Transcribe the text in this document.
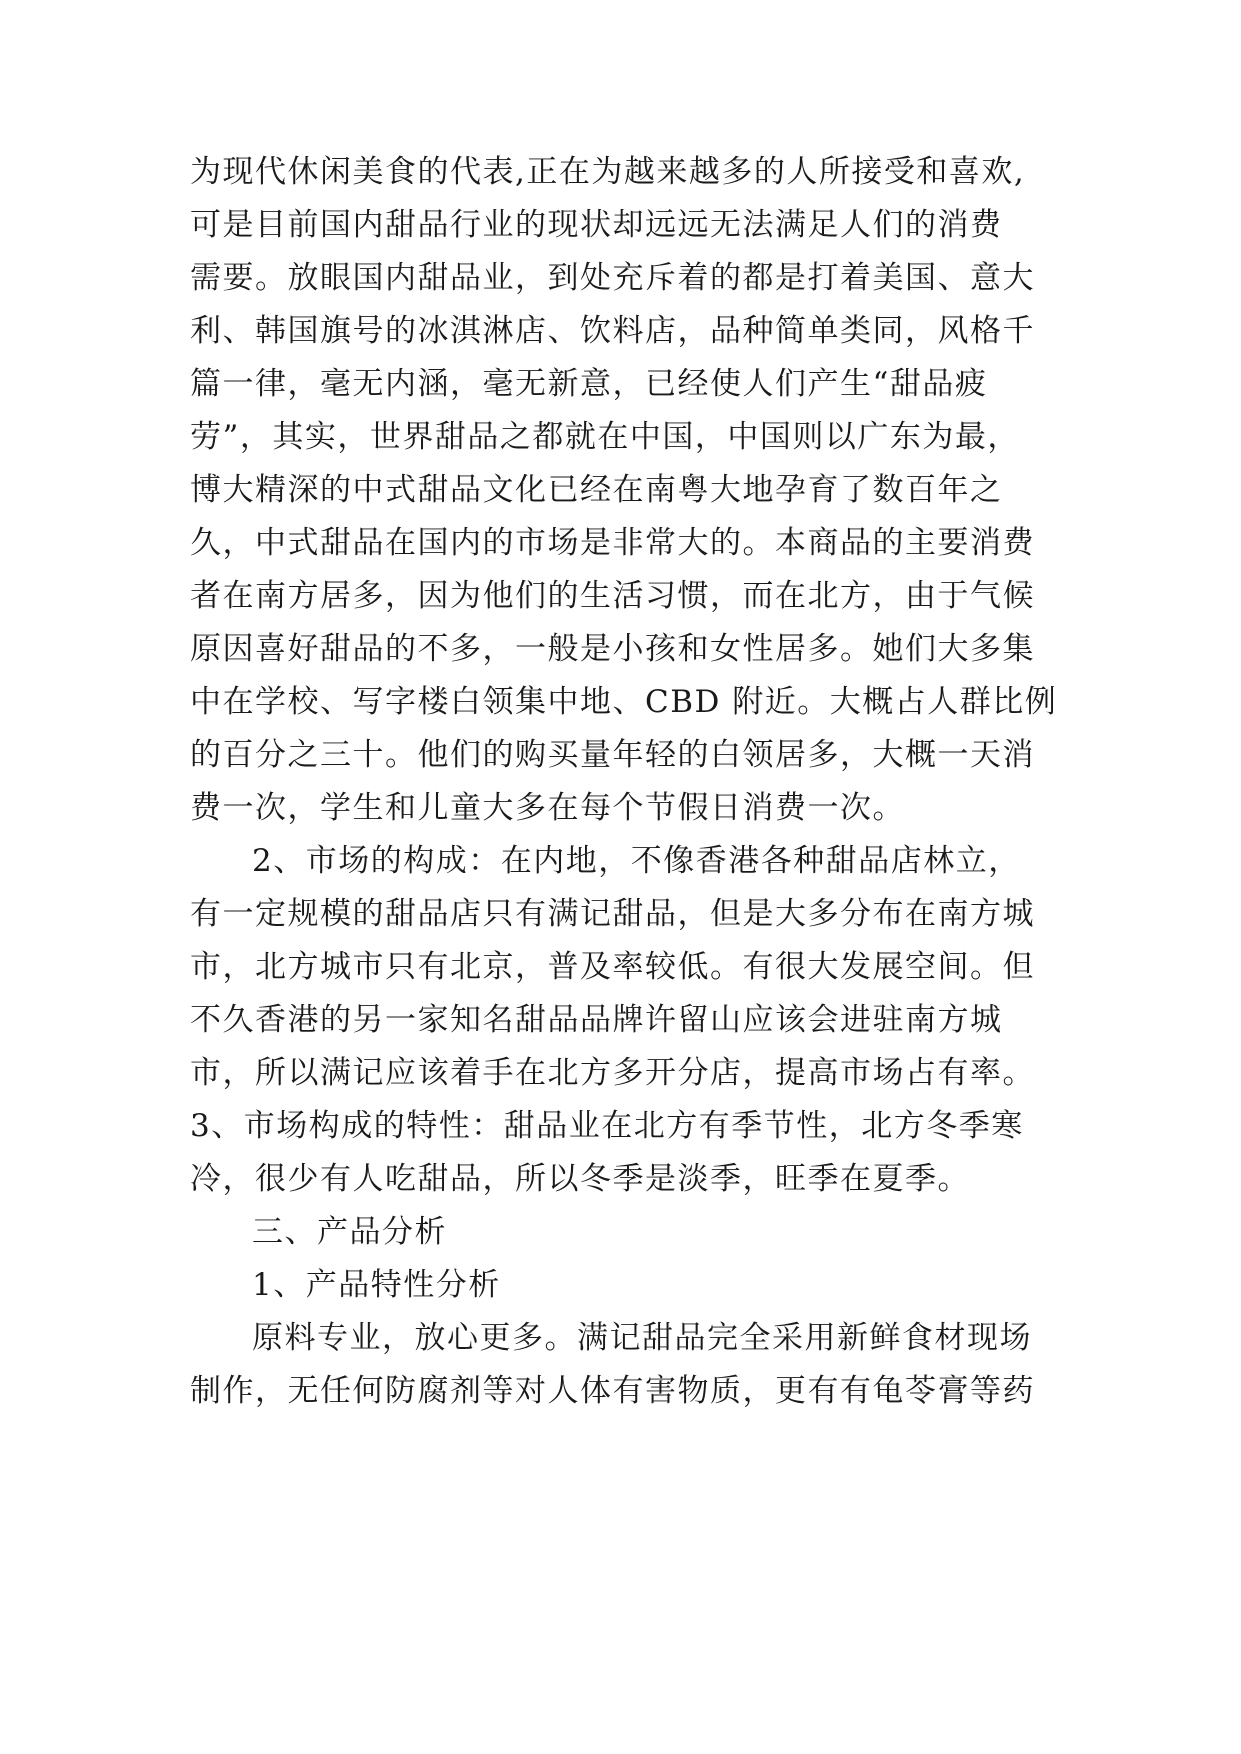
为现代休闲美食的代表,正在为越来越多的人所接受和喜欢,
可是目前国内甜品行业的现状却远远无法满足人们的消费
需要。放眼国内甜品业，到处充斥着的都是打着美国、意大
利、韩国旗号的冰淇淋店、饮料店，品种简单类同，风格千
篇一律，毫无内涵，毫无新意，已经使人们产生“甜品疲
劳”，其实，世界甜品之都就在中国，中国则以广东为最，
博大精深的中式甜品文化已经在南粤大地孕育了数百年之
久，中式甜品在国内的市场是非常大的。本商品的主要消费
者在南方居多，因为他们的生活习惯，而在北方，由于气候
原因喜好甜品的不多，一般是小孩和女性居多。她们大多集
中在学校、写字楼白领集中地、CBD 附近。大概占人群比例
的百分之三十。他们的购买量年轻的白领居多，大概一天消
费一次，学生和儿童大多在每个节假日消费一次。
2、市场的构成：在内地，不像香港各种甜品店林立，
有一定规模的甜品店只有满记甜品，但是大多分布在南方城
市，北方城市只有北京，普及率较低。有很大发展空间。但
不久香港的另一家知名甜品品牌许留山应该会进驻南方城
市，所以满记应该着手在北方多开分店，提高市场占有率。
3、市场构成的特性：甜品业在北方有季节性，北方冬季寒
冷，很少有人吃甜品，所以冬季是淡季，旺季在夏季。
三、产品分析
1、产品特性分析
原料专业，放心更多。满记甜品完全采用新鲜食材现场
制作，无任何防腐剂等对人体有害物质，更有有龟苓膏等药
